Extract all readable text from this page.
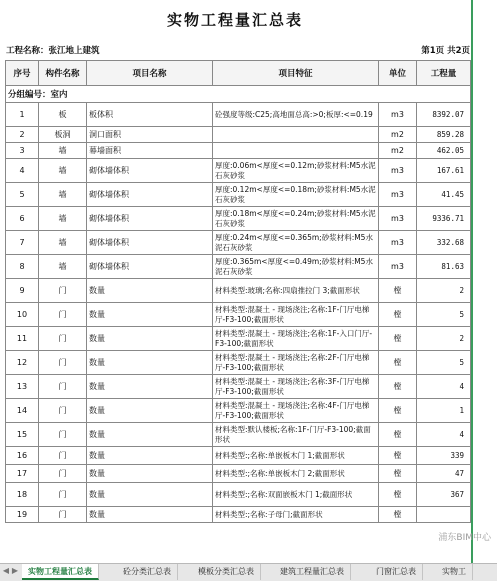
实物工程量汇总表
工程名称：张江地上建筑	第1页 共2页
序号	构件名称	项目名称	项目特征	单位	工程量
分组编号：室内					
1	板	板体积	砼强度等级:C25;高地面总高:>0;板厚:<=0.19	m3	8392.07
2	板洞	洞口面积		m2	859.28
3	墙	幕墙面积		m2	462.05
4	墙	砌体墙体积	厚度:0.06m<厚度<=0.12m;砂浆材料:M5水泥石灰砂浆	m3	167.61
5	墙	砌体墙体积	厚度:0.12m<厚度<=0.18m;砂浆材料:M5水泥石灰砂浆	m3	41.45
6	墙	砌体墙体积	厚度:0.18m<厚度<=0.24m;砂浆材料:M5水泥石灰砂浆	m3	9336.71
7	墙	砌体墙体积	厚度:0.24m<厚度<=0.365m;砂浆材料:M5水泥石灰砂浆	m3	332.68
8	墙	砌体墙体积	厚度:0.365m<厚度<=0.49m;砂浆材料:M5水泥石灰砂浆	m3	81.63
9	门	数量	材料类型:玻璃;名称:四扇推拉门 3;截面形状	樘	2
10	门	数量	材料类型:混凝土 - 现场浇注;名称:1F-门厅电梯厅-F3-100;截面形状	樘	5
11	门	数量	材料类型:混凝土 - 现场浇注;名称:1F-入口门厅-F3-100;截面形状	樘	2
12	门	数量	材料类型:混凝土 - 现场浇注;名称:2F-门厅电梯厅-F3-100;截面形状	樘	5
13	门	数量	材料类型:混凝土 - 现场浇注;名称:3F-门厅电梯厅-F3-100;截面形状	樘	4
14	门	数量	材料类型:混凝土 - 现场浇注;名称:4F-门厅电梯厅-F3-100;截面形状	樘	1
15	门	数量	材料类型:默认楼板;名称:1F-门厅-F3-100;截面形状	樘	4
16	门	数量	材料类型:;名称:单嵌板木门 1;截面形状	樘	339
17	门	数量	材料类型:;名称:单嵌板木门 2;截面形状	樘	47
18	门	数量	材料类型:;名称:双面嵌板木门 1;截面形状	樘	367
19	门	数量	材料类型:;名称:子母门;截面形状	樘	
浦东BIM中心
◀ ▶	实物工程量汇总表	砼分类汇总表	模板分类汇总表	建筑工程量汇总表	门窗汇总表	实物工
